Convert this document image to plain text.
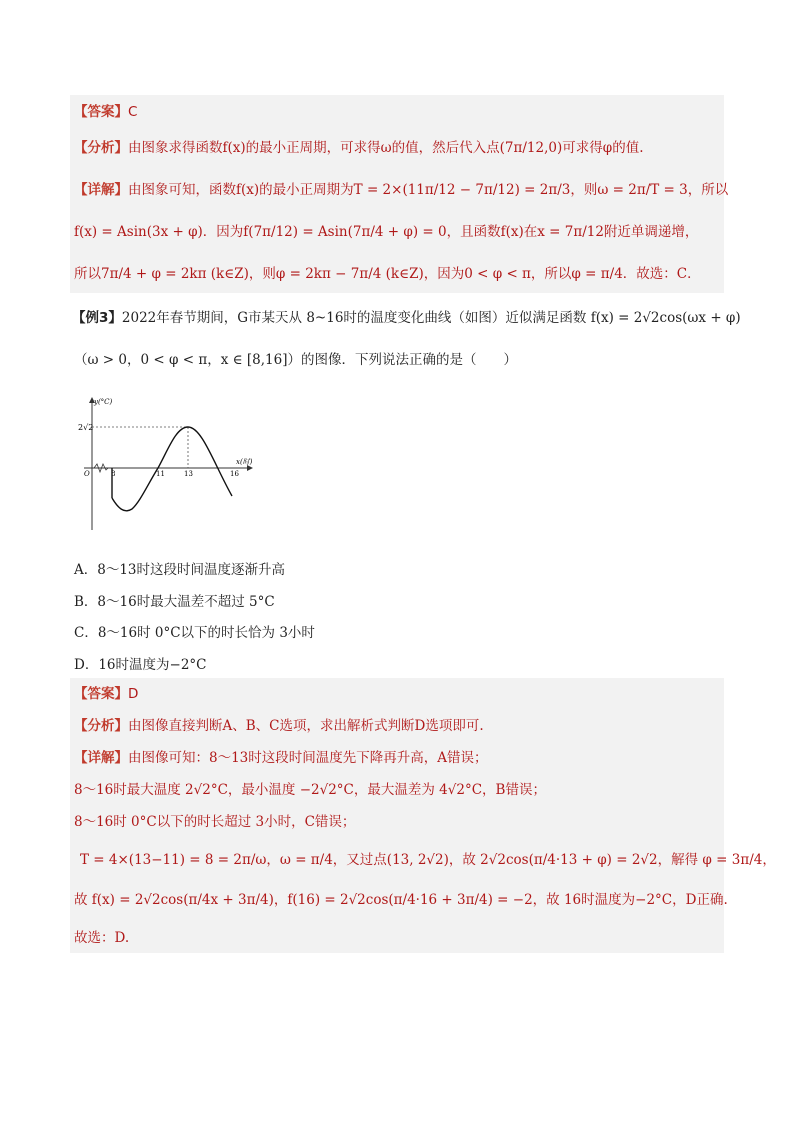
【答案】C
【分析】由图象求得函数f(x)的最小正周期，可求得ω的值，然后代入点(7π/12,0)可求得φ的值.
【详解】由图象可知，函数f(x)的最小正周期为T = 2×(11π/12 − 7π/12) = 2π/3，则ω = 2π/T = 3，所以
f(x) = Asin(3x + φ)．因为f(7π/12) = Asin(7π/4 + φ) = 0，且函数f(x)在x = 7π/12附近单调递增，
所以7π/4 + φ = 2kπ (k∈Z)，则φ = 2kπ − 7π/4 (k∈Z)，因为0 < φ < π，所以φ = π/4．故选：C．
【例3】2022年春节期间，G市某天从 8~16时的温度变化曲线（如图）近似满足函数 f(x) = 2√2cos(ωx + φ)
（ω > 0，0 < φ < π，x ∈ [8,16]）的图像．下列说法正确的是（　　）
y(°C)
x(时)
O
2√2
8	11	13	16
A．8～13时这段时间温度逐渐升高
B．8～16时最大温差不超过 5°C
C．8～16时 0°C以下的时长恰为 3小时
D．16时温度为−2°C
【答案】D
【分析】由图像直接判断A、B、C选项，求出解析式判断D选项即可.
【详解】由图像可知：8～13时这段时间温度先下降再升高，A错误；
8～16时最大温度 2√2°C，最小温度 −2√2°C，最大温差为 4√2°C，B错误；
8～16时 0°C以下的时长超过 3小时，C错误；
T = 4×(13−11) = 8 = 2π/ω，ω = π/4，又过点(13, 2√2)，故 2√2cos(π/4·13 + φ) = 2√2，解得 φ = 3π/4，
故 f(x) = 2√2cos(π/4x + 3π/4)，f(16) = 2√2cos(π/4·16 + 3π/4) = −2，故 16时温度为−2°C，D正确.
故选：D.
